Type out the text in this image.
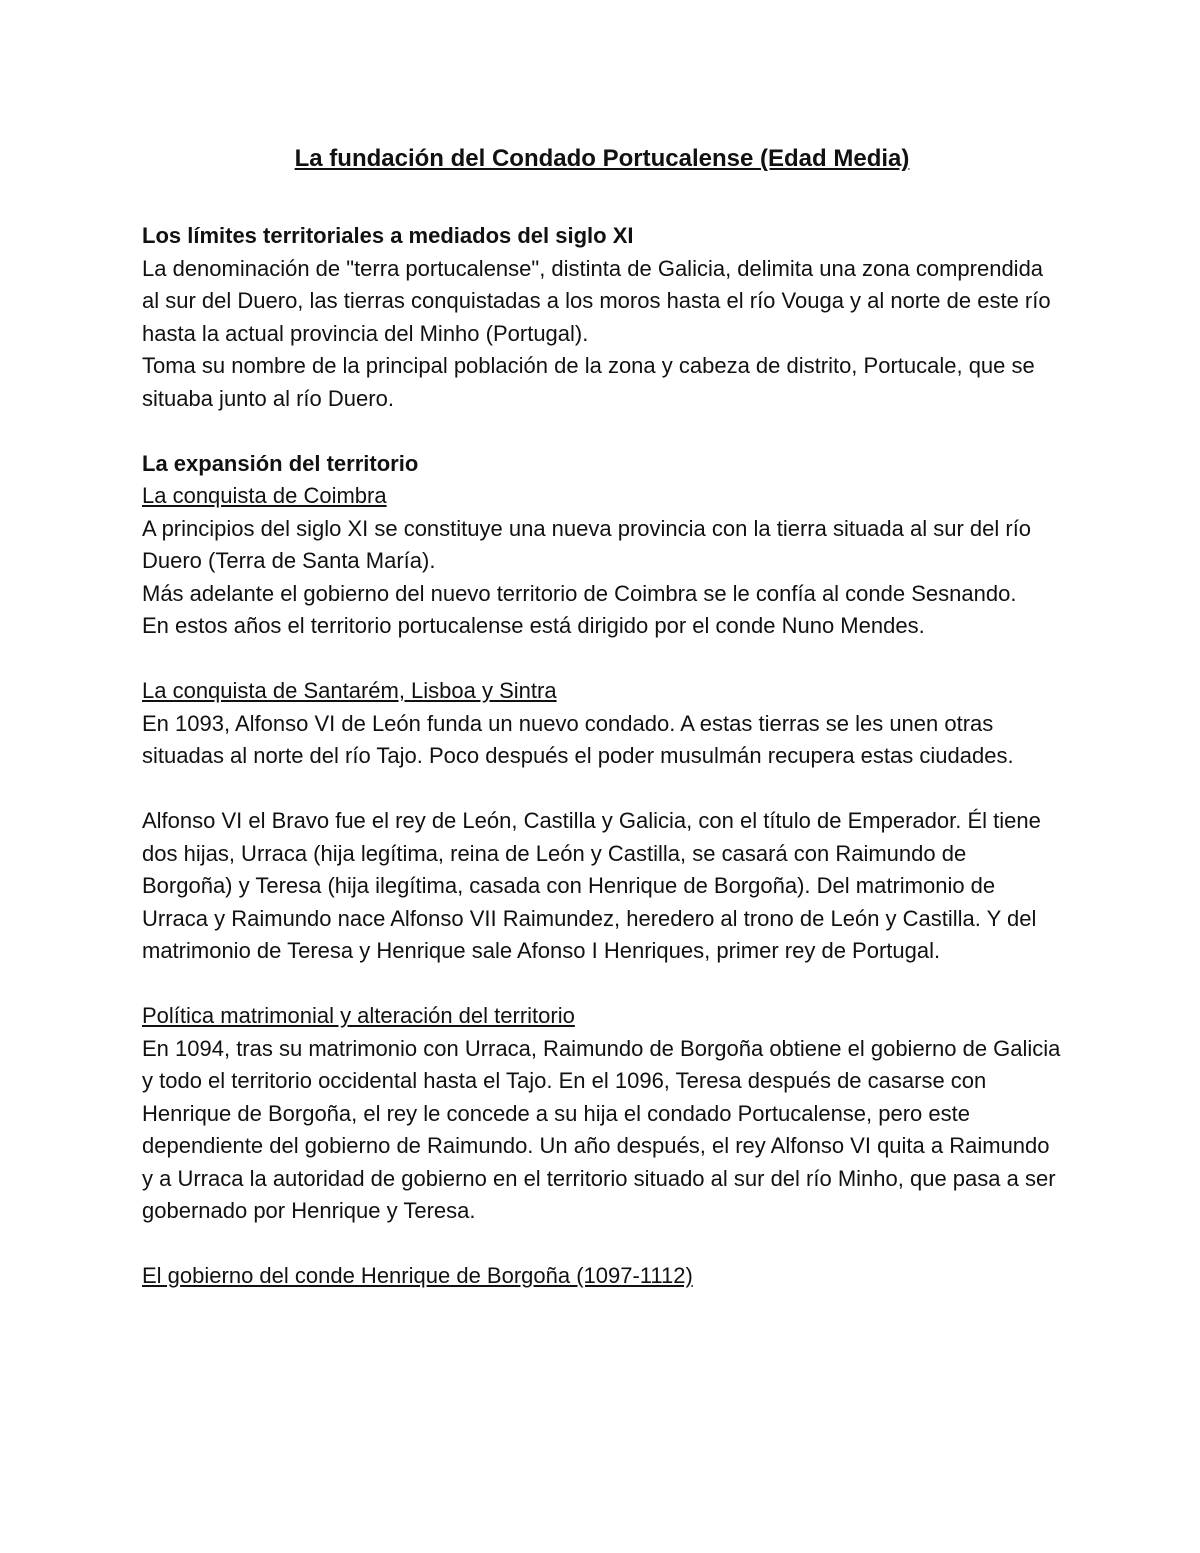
La fundación del Condado Portucalense (Edad Media)

Los límites territoriales a mediados del siglo XI

La denominación de "terra portucalense", distinta de Galicia, delimita una zona comprendida al sur del Duero, las tierras conquistadas a los moros hasta el río Vouga y al norte de este río hasta la actual provincia del Minho (Portugal).

Toma su nombre de la principal población de la zona y cabeza de distrito, Portucale, que se situaba junto al río Duero.

La expansión del territorio

La conquista de Coimbra

A principios del siglo XI se constituye una nueva provincia con la tierra situada al sur del río Duero (Terra de Santa María).

Más adelante el gobierno del nuevo territorio de Coimbra se le confía al conde Sesnando.

En estos años el territorio portucalense está dirigido por el conde Nuno Mendes.

La conquista de Santarém, Lisboa y Sintra

En 1093, Alfonso VI de León funda un nuevo condado. A estas tierras se les unen otras situadas al norte del río Tajo. Poco después el poder musulmán recupera estas ciudades.

Alfonso VI el Bravo fue el rey de León, Castilla y Galicia, con el título de Emperador. Él tiene dos hijas, Urraca (hija legítima, reina de León y Castilla, se casará con Raimundo de Borgoña) y Teresa (hija ilegítima, casada con Henrique de Borgoña). Del matrimonio de Urraca y Raimundo nace Alfonso VII Raimundez, heredero al trono de León y Castilla. Y del matrimonio de Teresa y Henrique sale Afonso I Henriques, primer rey de Portugal.

Política matrimonial y alteración del territorio

En 1094, tras su matrimonio con Urraca, Raimundo de Borgoña obtiene el gobierno de Galicia y todo el territorio occidental hasta el Tajo. En el 1096, Teresa después de casarse con Henrique de Borgoña, el rey le concede a su hija el condado Portucalense, pero este dependiente del gobierno de Raimundo. Un año después, el rey Alfonso VI quita a Raimundo y a Urraca la autoridad de gobierno en el territorio situado al sur del río Minho, que pasa a ser gobernado por Henrique y Teresa.

El gobierno del conde Henrique de Borgoña (1097-1112)
